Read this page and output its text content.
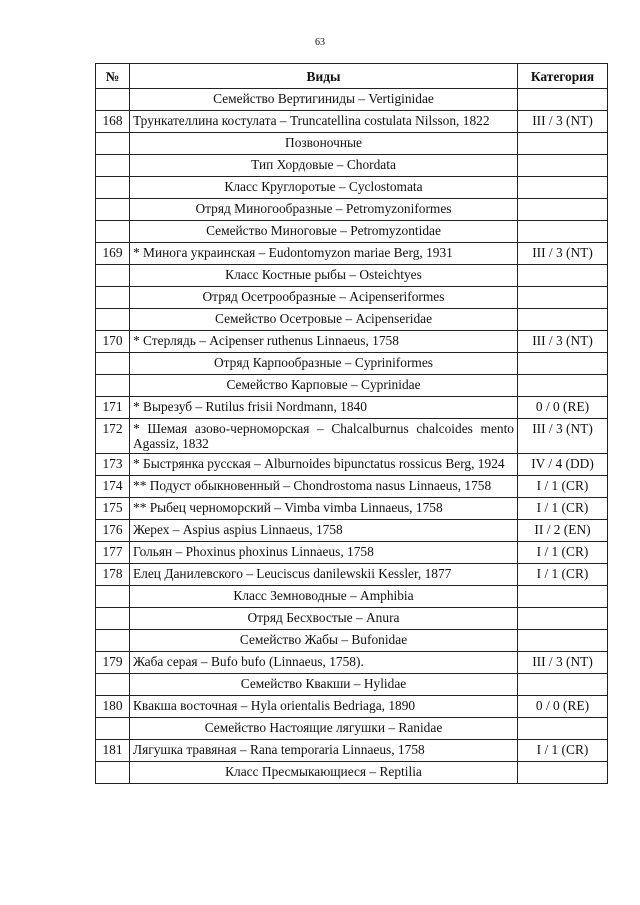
63
№	Виды	Категория
	Семейство Вертигиниды – Vertiginidae	
168	Трункателлина костулата – Truncatellina costulata Nilsson, 1822	III / 3 (NT)
	Позвоночные	
	Тип Хордовые – Chordata	
	Класс Круглоротые – Cyclostomata	
	Отряд Миногообразные – Petromyzoniformes	
	Семейство Миноговые – Petromyzontidae	
169	* Минога украинская – Eudontomyzon mariae Berg, 1931	III / 3 (NT)
	Класс Костные рыбы – Osteichtyes	
	Отряд Осетрообразные – Acipenseriformes	
	Семейство Осетровые – Acipenseridae	
170	* Стерлядь – Acipenser ruthenus Linnaeus, 1758	III / 3 (NT)
	Отряд Карпообразные – Cypriniformes	
	Семейство Карповые – Cyprinidae	
171	* Вырезуб – Rutilus frisii Nordmann, 1840	0 / 0 (RE)
172	* Шемая азово-черноморская – Chalcalburnus chalcoides mento Agassiz, 1832	III / 3 (NT)
173	* Быстрянка русская – Alburnoides bipunctatus rossicus Berg, 1924	IV / 4 (DD)
174	** Подуст обыкновенный – Chondrostoma nasus Linnaeus, 1758	I / 1 (CR)
175	** Рыбец черноморский – Vimba vimba Linnaeus, 1758	I / 1 (CR)
176	Жерех – Aspius aspius Linnaeus, 1758	II / 2 (EN)
177	Гольян – Phoxinus phoxinus Linnaeus, 1758	I / 1 (CR)
178	Елец Данилевского – Leuciscus danilewskii Kessler, 1877	I / 1 (CR)
	Класс Земноводные – Amphibia	
	Отряд Бесхвостые – Anura	
	Семейство Жабы – Bufonidae	
179	Жаба серая – Bufo bufo (Linnaeus, 1758).	III / 3 (NT)
	Семейство Квакши – Hylidae	
180	Квакша восточная – Hyla orientalis Bedriaga, 1890	0 / 0 (RE)
	Семейство Настоящие лягушки – Ranidae	
181	Лягушка травяная – Rana temporaria Linnaeus, 1758	I / 1 (CR)
	Класс Пресмыкающиеся – Reptilia	
